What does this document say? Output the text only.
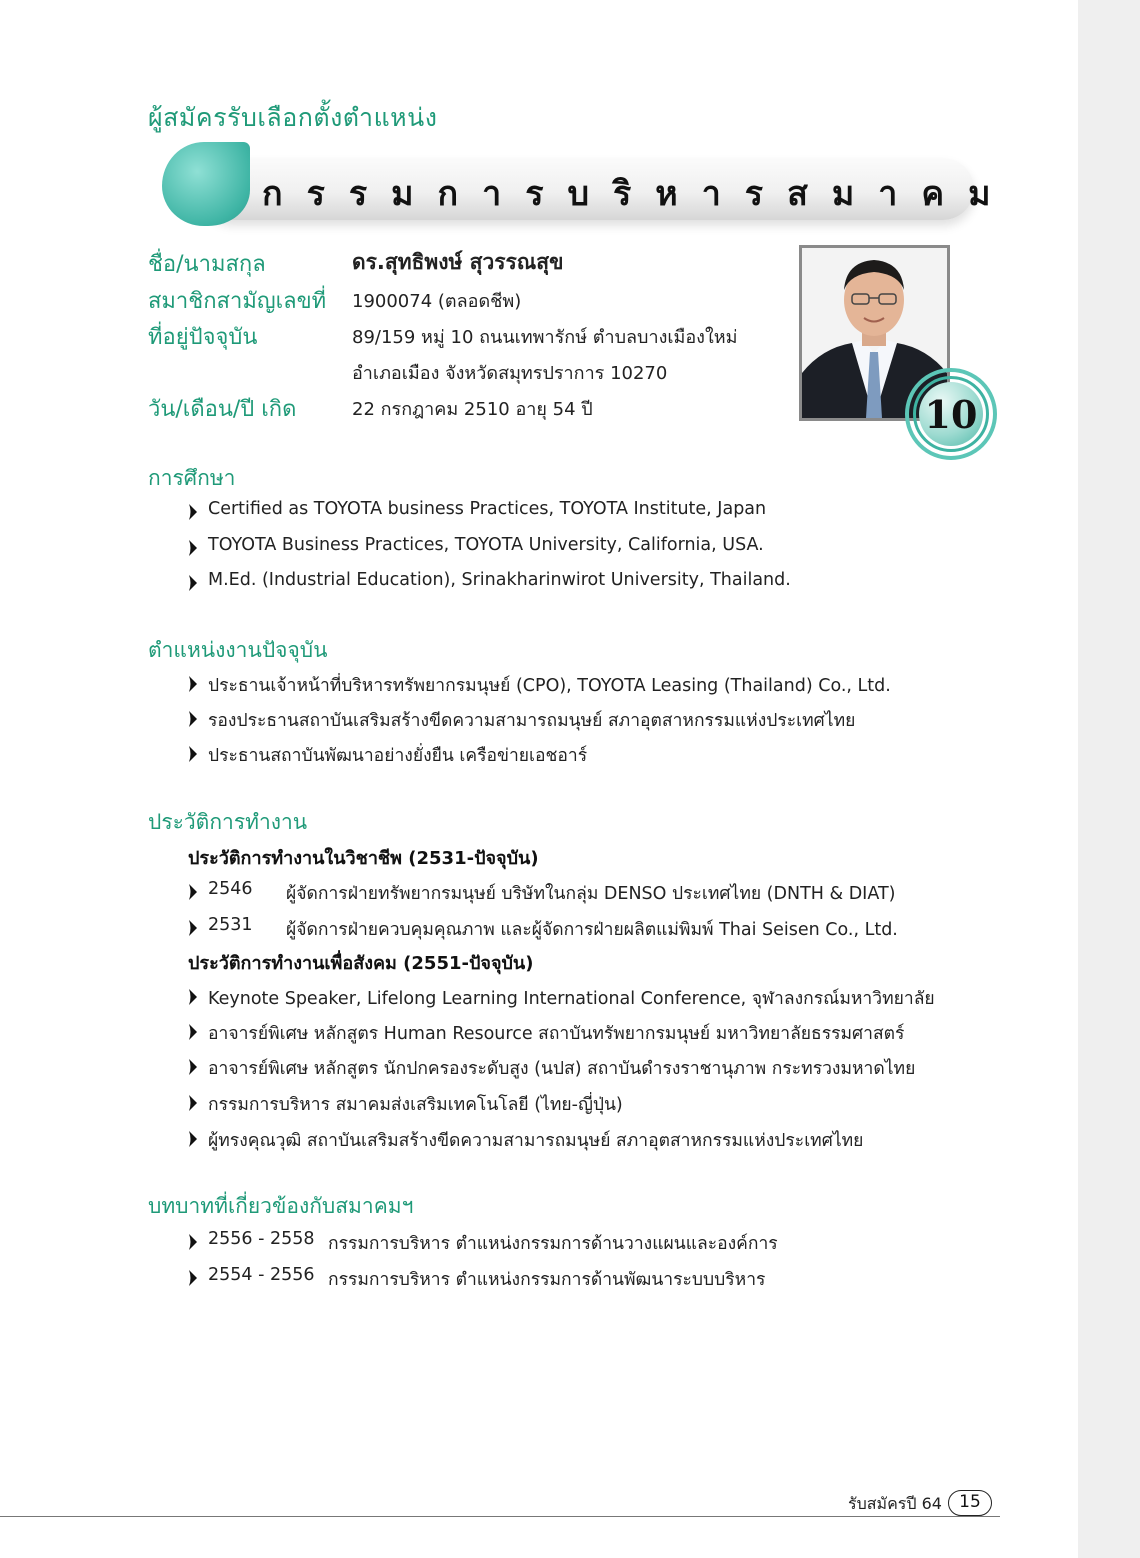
ผู้สมัครรับเลือกตั้งตำแหน่ง
กรรมการบริหารสมาคม
ชื่อ/นามสกุล	ดร.สุทธิพงษ์ สุวรรณสุข
สมาชิกสามัญเลขที่ 1900074 (ตลอดชีพ)
ที่อยู่ปัจจุบัน	89/159 หมู่ 10 ถนนเทพารักษ์ ตำบลบางเมืองใหม่
อำเภอเมือง จังหวัดสมุทรปราการ 10270
วัน/เดือน/ปี เกิด	22 กรกฎาคม 2510 อายุ 54 ปี	10
การศึกษา
Certified as TOYOTA business Practices, TOYOTA Institute, Japan
TOYOTA Business Practices, TOYOTA University, California, USA.
M.Ed. (Industrial Education), Srinakharinwirot University, Thailand.
ตำแหน่งงานปัจจุบัน
ประธานเจ้าหน้าที่บริหารทรัพยากรมนุษย์ (CPO), TOYOTA Leasing (Thailand) Co., Ltd.
รองประธานสถาบันเสริมสร้างขีดความสามารถมนุษย์ สภาอุตสาหกรรมแห่งประเทศไทย
ประธานสถาบันพัฒนาอย่างยั่งยืน เครือข่ายเอชอาร์
ประวัติการทำงาน
ประวัติการทำงานในวิชาชีพ (2531-ปัจจุบัน)
2546 ผู้จัดการฝ่ายทรัพยากรมนุษย์ บริษัทในกลุ่ม DENSO ประเทศไทย (DNTH & DIAT)
2531 ผู้จัดการฝ่ายควบคุมคุณภาพ และผู้จัดการฝ่ายผลิตแม่พิมพ์ Thai Seisen Co., Ltd.
ประวัติการทำงานเพื่อสังคม (2551-ปัจจุบัน)
Keynote Speaker, Lifelong Learning International Conference, จุฬาลงกรณ์มหาวิทยาลัย
อาจารย์พิเศษ หลักสูตร Human Resource สถาบันทรัพยากรมนุษย์ มหาวิทยาลัยธรรมศาสตร์
อาจารย์พิเศษ หลักสูตร นักปกครองระดับสูง (นปส) สถาบันดำรงราชานุภาพ กระทรวงมหาดไทย
กรรมการบริหาร สมาคมส่งเสริมเทคโนโลยี (ไทย-ญี่ปุ่น)
ผู้ทรงคุณวุฒิ สถาบันเสริมสร้างขีดความสามารถมนุษย์ สภาอุตสาหกรรมแห่งประเทศไทย
บทบาทที่เกี่ยวข้องกับสมาคมฯ
2556 - 2558 กรรมการบริหาร ตำแหน่งกรรมการด้านวางแผนและองค์การ
2554 - 2556 กรรมการบริหาร ตำแหน่งกรรมการด้านพัฒนาระบบบริหาร
รับสมัครปี 64	15
